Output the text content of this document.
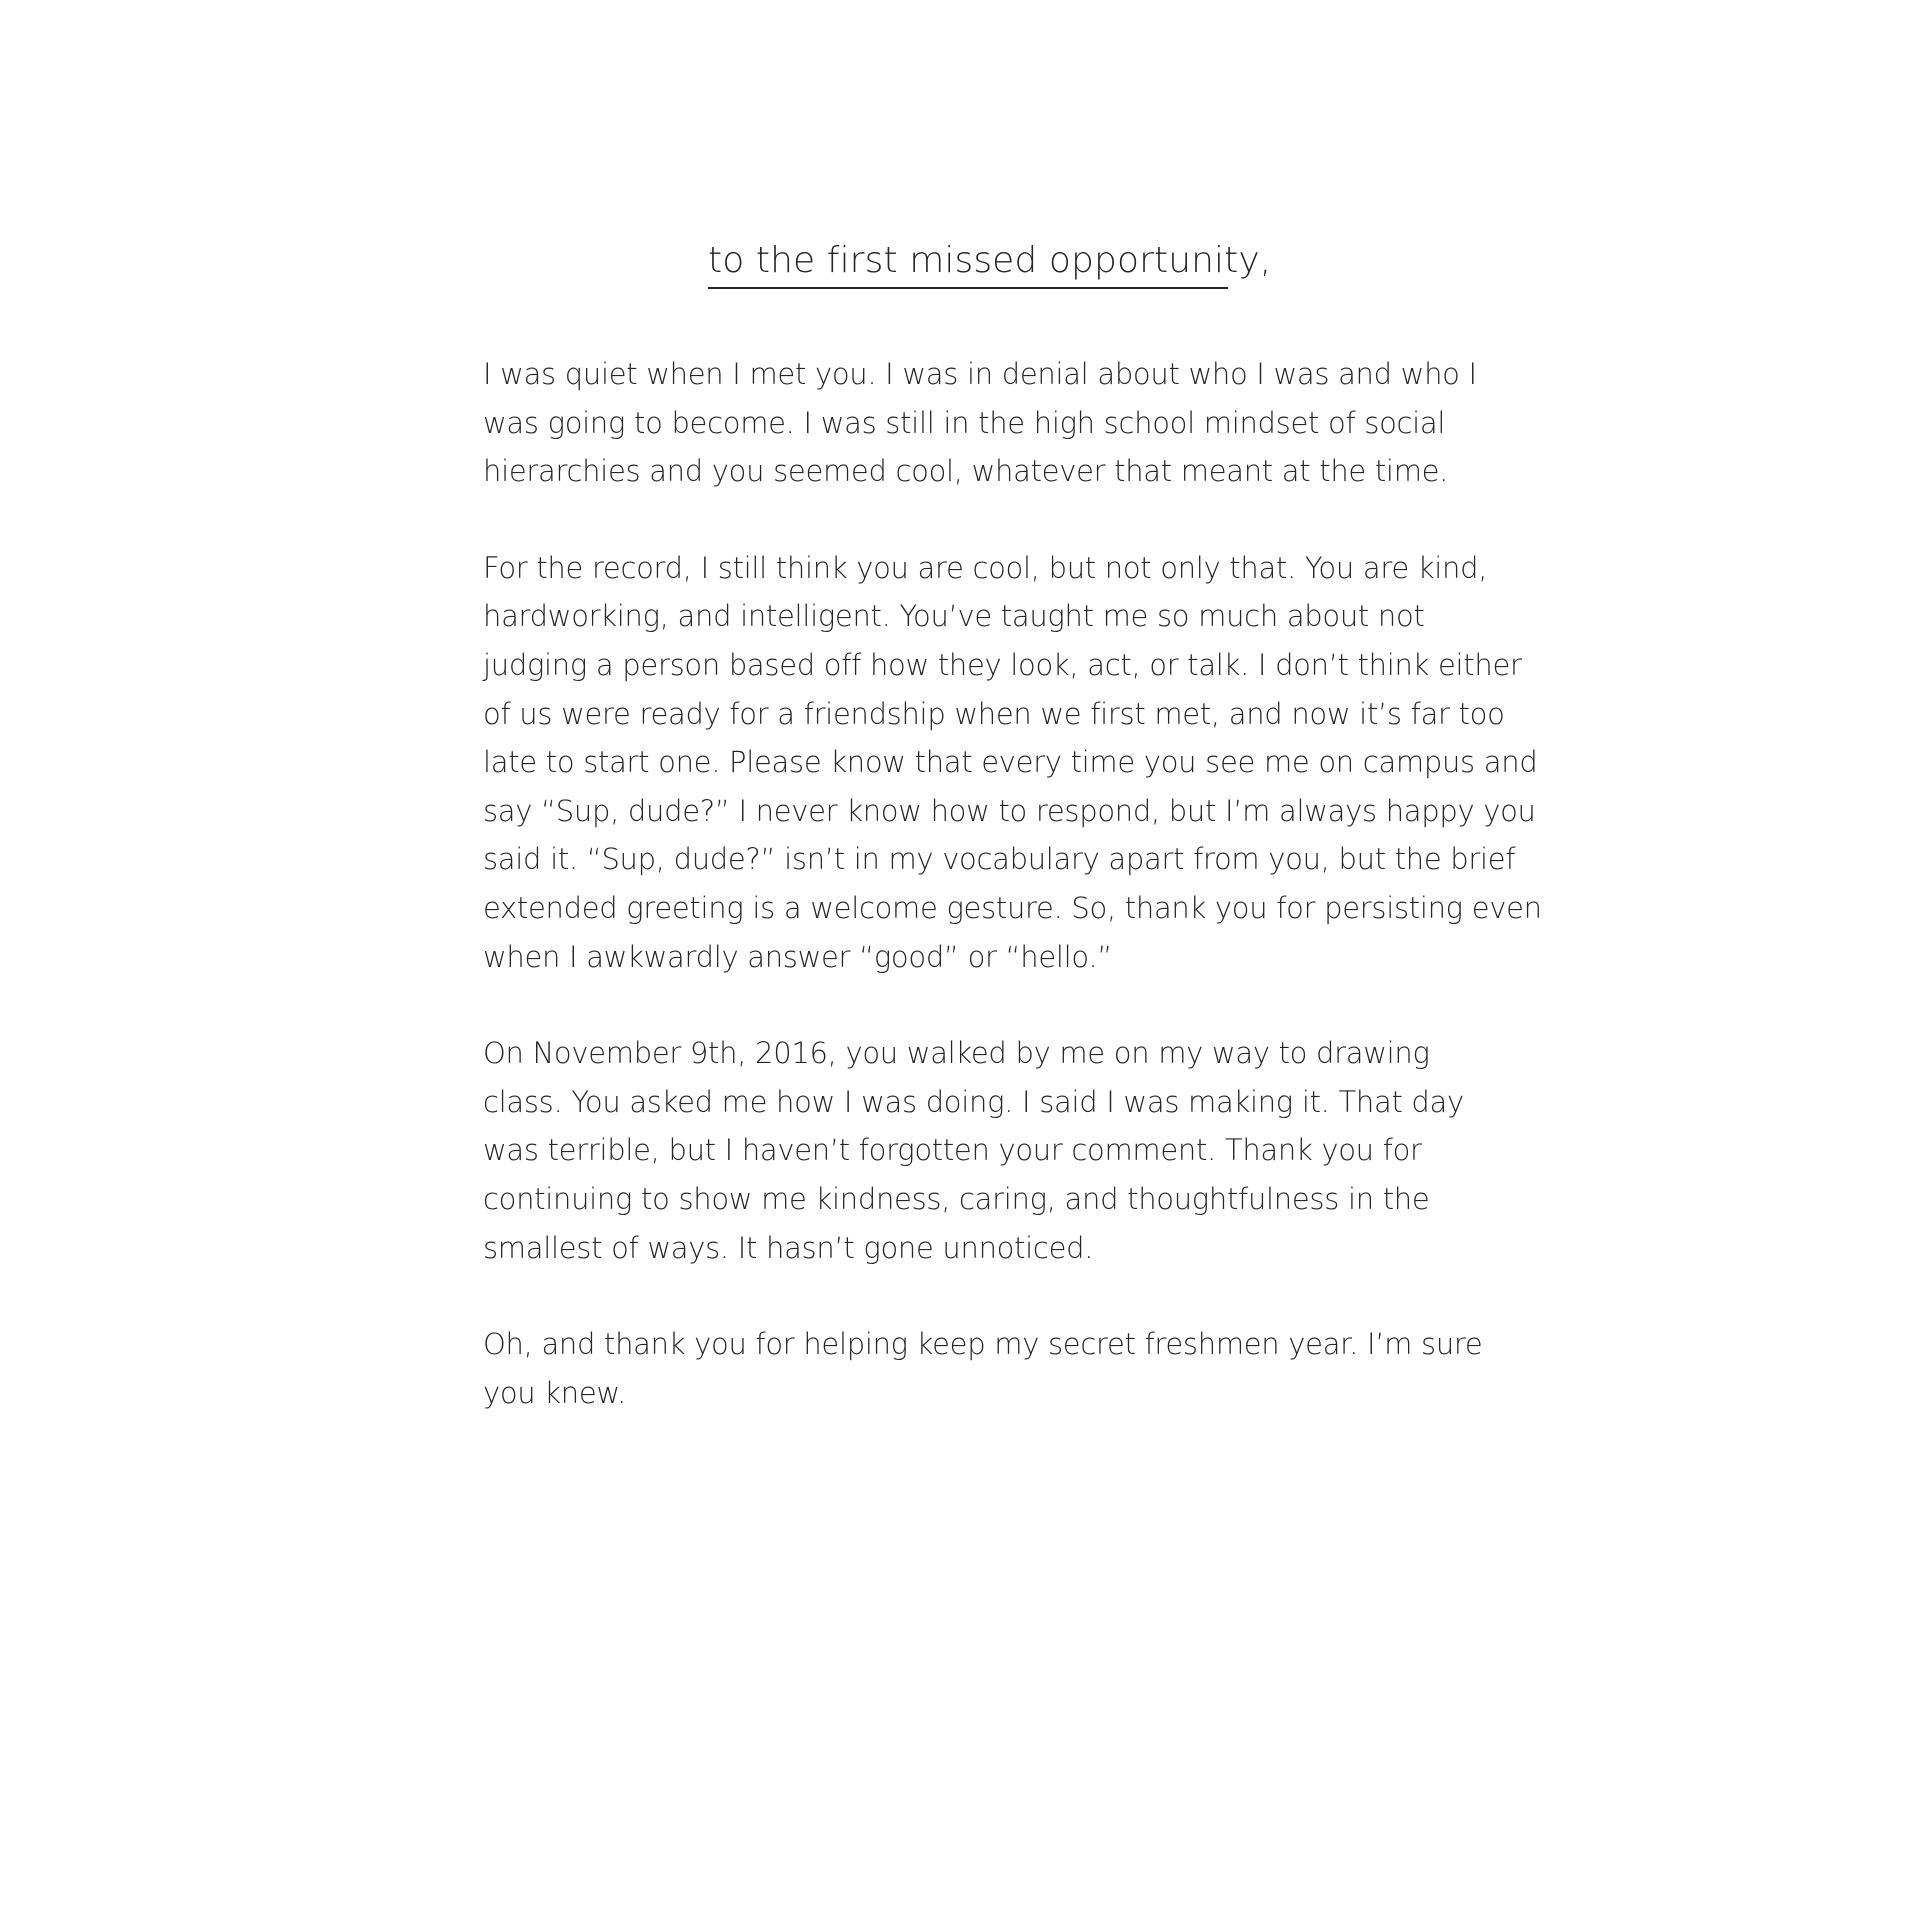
to the first missed opportunity,

I was quiet when I met you. I was in denial about who I was and who I
was going to become. I was still in the high school mindset of social
hierarchies and you seemed cool, whatever that meant at the time.

For the record, I still think you are cool, but not only that. You are kind,
hardworking, and intelligent. You’ve taught me so much about not
judging a person based off how they look, act, or talk. I don’t think either
of us were ready for a friendship when we first met, and now it’s far too
late to start one. Please know that every time you see me on campus and
say “Sup, dude?” I never know how to respond, but I’m always happy you
said it. “Sup, dude?” isn’t in my vocabulary apart from you, but the brief
extended greeting is a welcome gesture. So, thank you for persisting even
when I awkwardly answer “good” or “hello.”

On November 9th, 2016, you walked by me on my way to drawing
class. You asked me how I was doing. I said I was making it. That day
was terrible, but I haven’t forgotten your comment. Thank you for
continuing to show me kindness, caring, and thoughtfulness in the
smallest of ways. It hasn’t gone unnoticed.

Oh, and thank you for helping keep my secret freshmen year. I’m sure
you knew.
